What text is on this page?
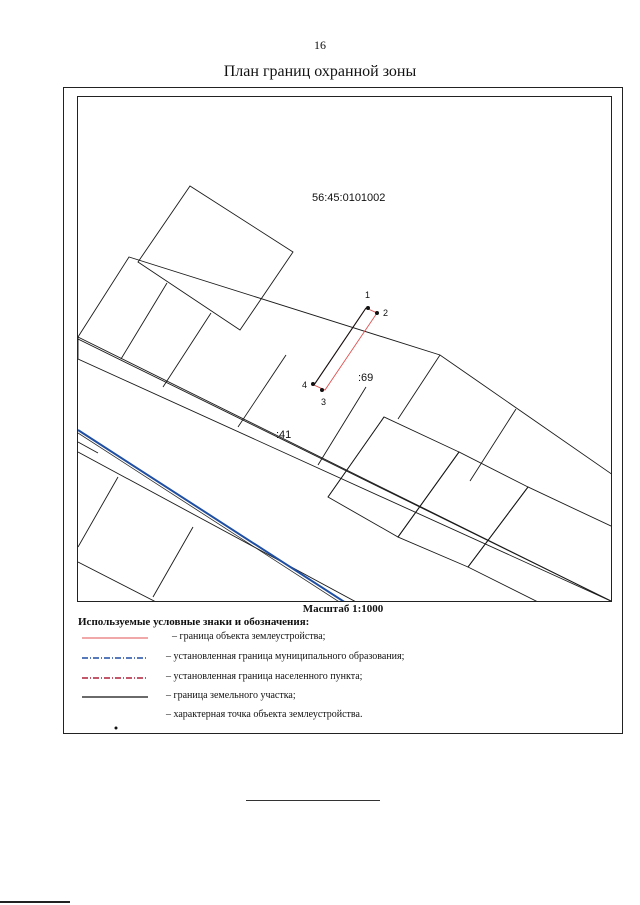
16
План границ охранной зоны
1
2
3
4
56:45:0101002
:69
:41
Масштаб 1:1000
Используемые условные знаки и обозначения:
– граница объекта землеустройства;
– установленная граница муниципального образования;
– установленная граница населенного пункта;
– граница земельного участка;
– характерная точка объекта землеустройства.
